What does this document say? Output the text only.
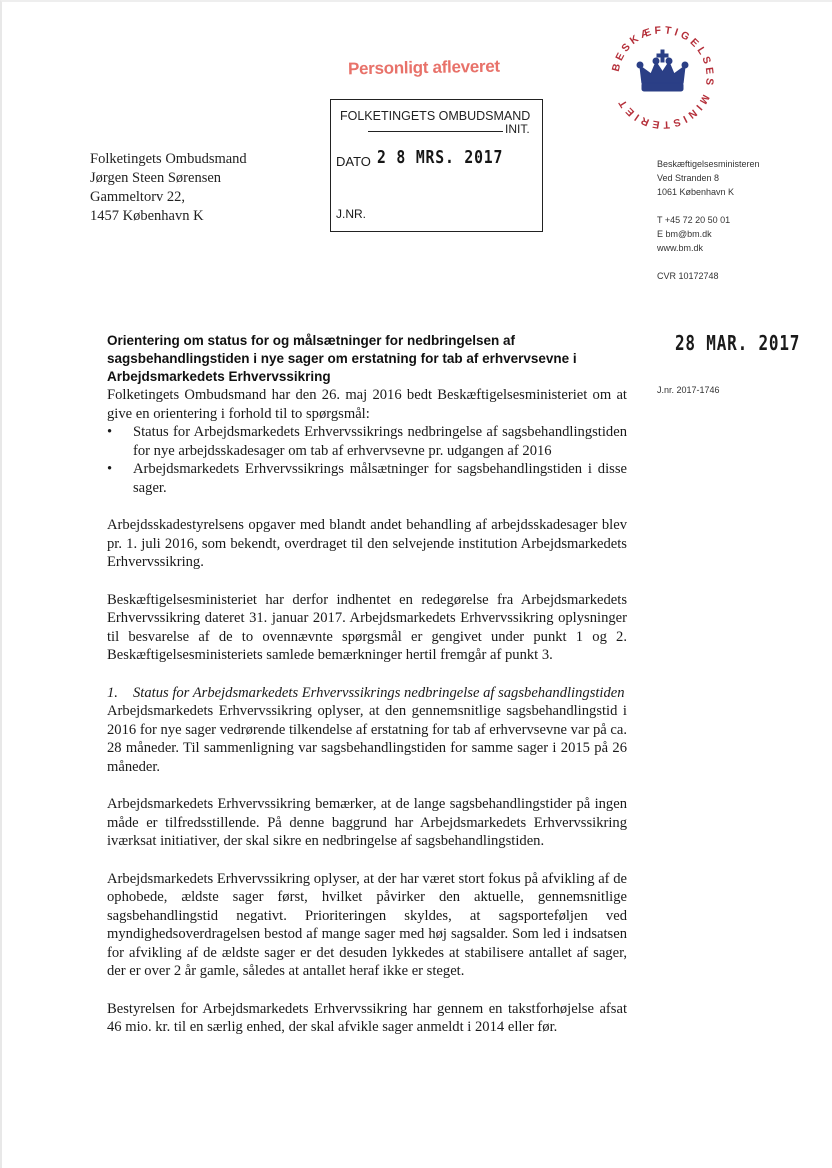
Personligt afleveret
FOLKETINGETS OMBUDSMAND
INIT.
DATO 2 8 MRS. 2017
J.NR.
Folketingets Ombudsmand
Jørgen Steen Sørensen
Gammeltorv 22,
1457 København K
BESKÆFTIGELSES MINISTERIET
Beskæftigelsesministeren
Ved Stranden 8
1061 København K
T +45 72 20 50 01
E bm@bm.dk
www.bm.dk
CVR 10172748
28 MAR. 2017
J.nr. 2017-1746
Orientering om status for og målsætninger for nedbringelsen af sagsbehandlingstiden i nye sager om erstatning for tab af erhvervsevne i Arbejdsmarkedets Erhvervssikring

Folketingets Ombudsmand har den 26. maj 2016 bedt Beskæftigelsesministeriet om at give en orientering i forhold til to spørgsmål:

• Status for Arbejdsmarkedets Erhvervssikrings nedbringelse af sagsbehandlingstiden for nye arbejdsskadesager om tab af erhvervsevne pr. udgangen af 2016
• Arbejdsmarkedets Erhvervssikrings målsætninger for sagsbehandlingstiden i disse sager.

Arbejdsskadestyrelsens opgaver med blandt andet behandling af arbejdsskadesager blev pr. 1. juli 2016, som bekendt, overdraget til den selvejende institution Arbejdsmarkedets Erhvervssikring.

Beskæftigelsesministeriet har derfor indhentet en redegørelse fra Arbejdsmarkedets Erhvervssikring dateret 31. januar 2017. Arbejdsmarkedets Erhvervssikring oplysninger til besvarelse af de to ovennævnte spørgsmål er gengivet under punkt 1 og 2. Beskæftigelsesministeriets samlede bemærkninger hertil fremgår af punkt 3.

1. Status for Arbejdsmarkedets Erhvervssikrings nedbringelse af sagsbehandlingstiden

Arbejdsmarkedets Erhvervssikring oplyser, at den gennemsnitlige sagsbehandlingstid i 2016 for nye sager vedrørende tilkendelse af erstatning for tab af erhvervsevne var på ca. 28 måneder. Til sammenligning var sagsbehandlingstiden for samme sager i 2015 på 26 måneder.

Arbejdsmarkedets Erhvervssikring bemærker, at de lange sagsbehandlingstider på ingen måde er tilfredsstillende. På denne baggrund har Arbejdsmarkedets Erhvervssikring iværksat initiativer, der skal sikre en nedbringelse af sagsbehandlingstiden.

Arbejdsmarkedets Erhvervssikring oplyser, at der har været stort fokus på afvikling af de ophobede, ældste sager først, hvilket påvirker den aktuelle, gennemsnitlige sagsbehandlingstid negativt. Prioriteringen skyldes, at sagsporteføljen ved myndighedsoverdragelsen bestod af mange sager med høj sagsalder. Som led i indsatsen for afvikling af de ældste sager er det desuden lykkedes at stabilisere antallet af sager, der er over 2 år gamle, således at antallet heraf ikke er steget.

Bestyrelsen for Arbejdsmarkedets Erhvervssikring har gennem en takstforhøjelse afsat 46 mio. kr. til en særlig enhed, der skal afvikle sager anmeldt i 2014 eller før.
